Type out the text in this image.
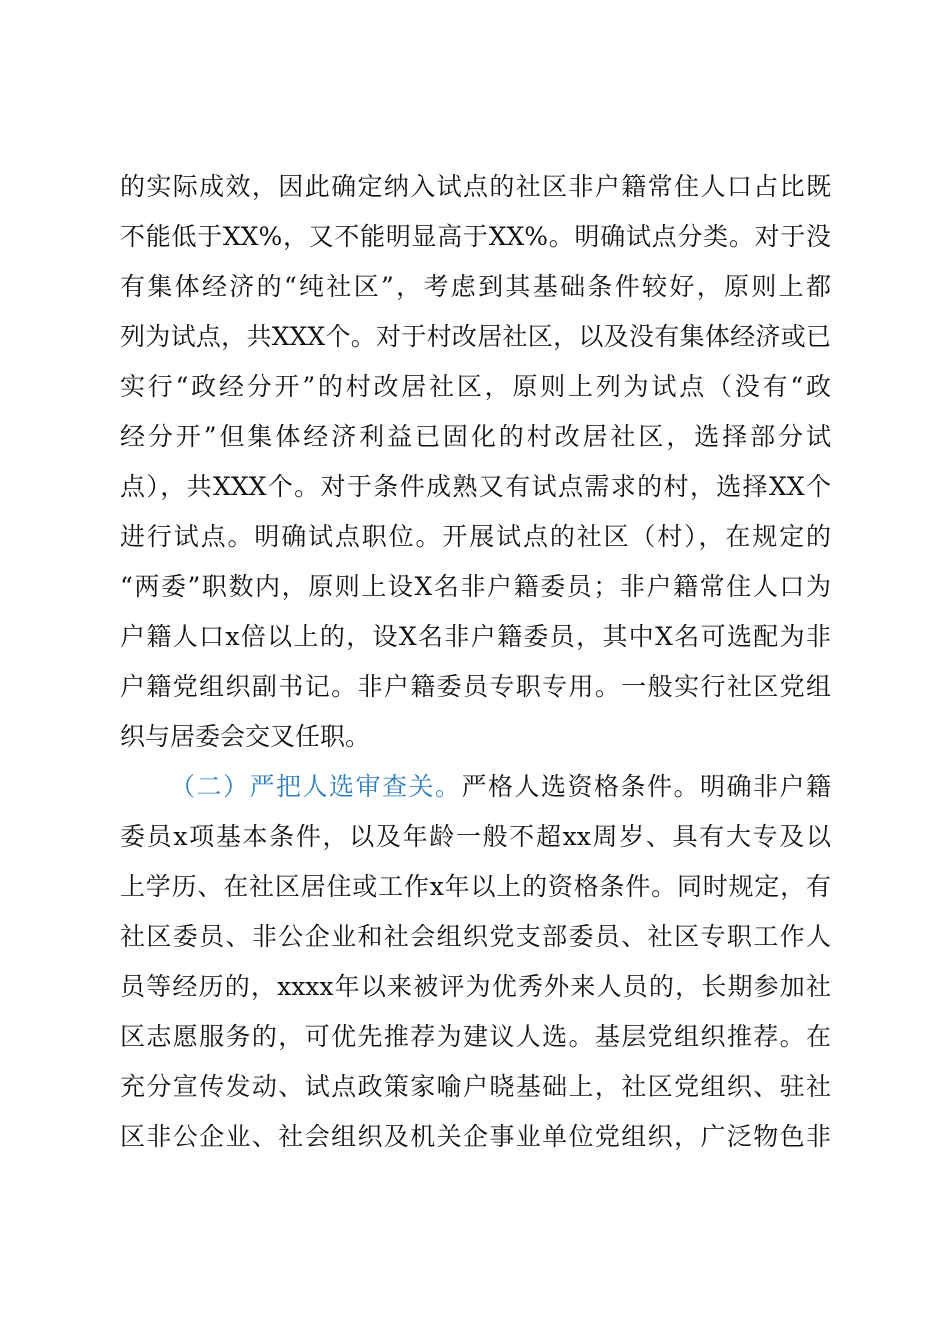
的实际成效，因此确定纳入试点的社区非户籍常住人口占比既
不能低于XX%，又不能明显高于XX%。明确试点分类。对于没
有集体经济的“纯社区”，考虑到其基础条件较好，原则上都
列为试点，共XXX个。对于村改居社区，以及没有集体经济或已
实行“政经分开”的村改居社区，原则上列为试点（没有“政
经分开”但集体经济利益已固化的村改居社区，选择部分试
点），共XXX个。对于条件成熟又有试点需求的村，选择XX个
进行试点。明确试点职位。开展试点的社区（村），在规定的
“两委”职数内，原则上设X名非户籍委员；非户籍常住人口为
户籍人口x倍以上的，设X名非户籍委员，其中X名可选配为非
户籍党组织副书记。非户籍委员专职专用。一般实行社区党组
织与居委会交叉任职。
（二）严把人选审查关。严格人选资格条件。明确非户籍
委员x项基本条件，以及年龄一般不超xx周岁、具有大专及以
上学历、在社区居住或工作x年以上的资格条件。同时规定，有
社区委员、非公企业和社会组织党支部委员、社区专职工作人
员等经历的，xxxx年以来被评为优秀外来人员的，长期参加社
区志愿服务的，可优先推荐为建议人选。基层党组织推荐。在
充分宣传发动、试点政策家喻户晓基础上，社区党组织、驻社
区非公企业、社会组织及机关企事业单位党组织，广泛物色非
